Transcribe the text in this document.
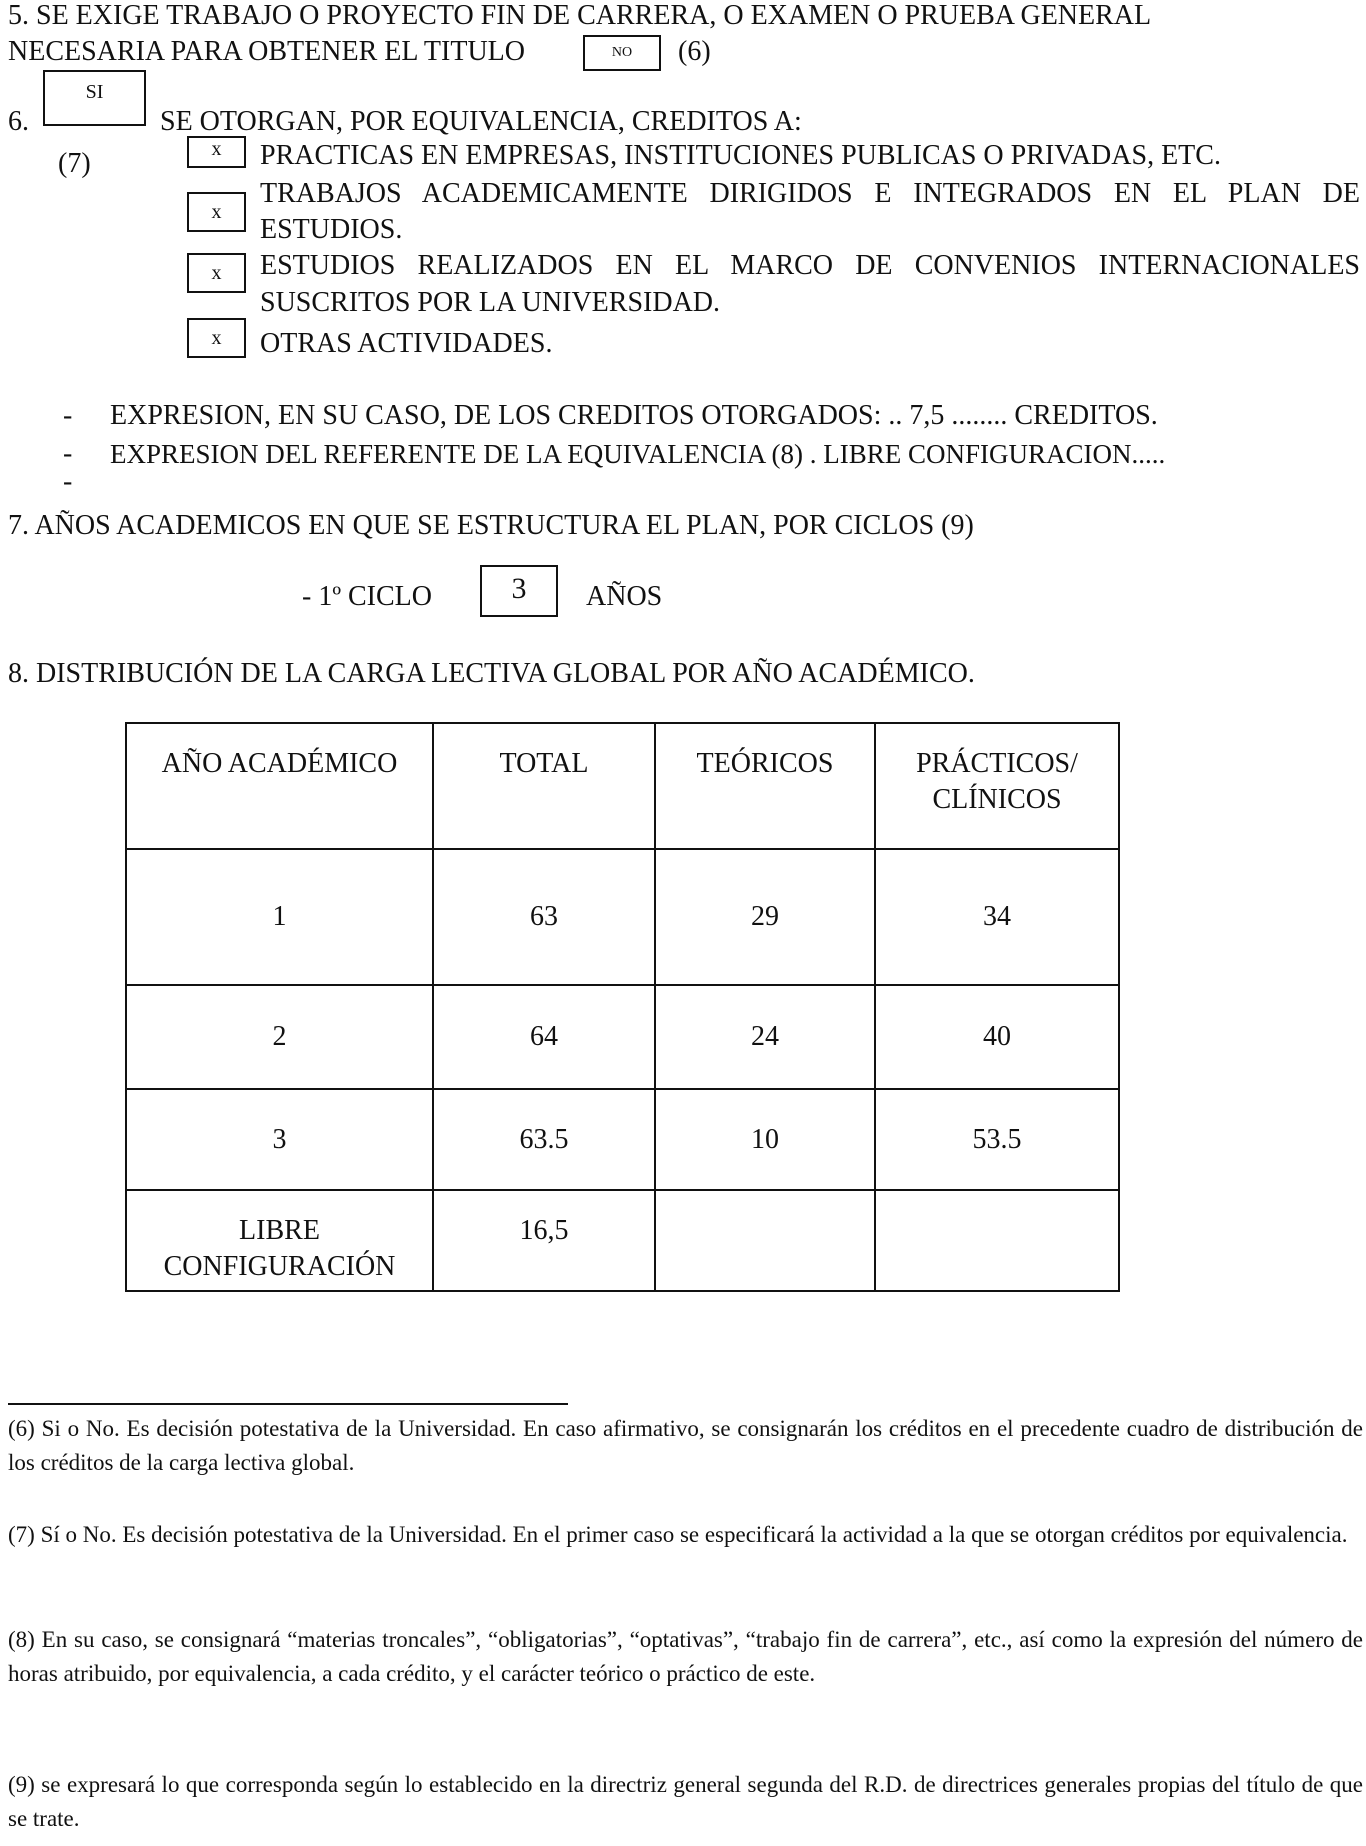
5. SE EXIGE TRABAJO O PROYECTO FIN DE CARRERA, O EXAMEN O PRUEBA GENERAL
NECESARIA PARA OBTENER EL TITULO	NO	(6)
6.
SI
SE OTORGAN, POR EQUIVALENCIA, CREDITOS A:
(7)	x	PRACTICAS EN EMPRESAS, INSTITUCIONES PUBLICAS O PRIVADAS, ETC.
x
TRABAJOS ACADEMICAMENTE DIRIGIDOS E INTEGRADOS EN EL PLAN DE
ESTUDIOS.
x	ESTUDIOS REALIZADOS EN EL MARCO DE CONVENIOS INTERNACIONALES
SUSCRITOS POR LA UNIVERSIDAD.
x	OTRAS ACTIVIDADES.
- EXPRESION, EN SU CASO, DE LOS CREDITOS OTORGADOS: .. 7,5 ........ CREDITOS.
- EXPRESION DEL REFERENTE DE LA EQUIVALENCIA (8) . LIBRE CONFIGURACION.....
-
7. AÑOS ACADEMICOS EN QUE SE ESTRUCTURA EL PLAN, POR CICLOS (9)
- 1º CICLO	3	AÑOS
8. DISTRIBUCIÓN DE LA CARGA LECTIVA GLOBAL POR AÑO ACADÉMICO.
AÑO ACADÉMICO	TOTAL	TEÓRICOS	PRÁCTICOS/
CLÍNICOS
1	63	29	34
2	64	24	40
3	63.5	10	53.5
LIBRE
CONFIGURACIÓN	16,5		
(6) Si o No. Es decisión potestativa de la Universidad. En caso afirmativo, se consignarán los créditos en el precedente cuadro de distribución de los créditos de la carga lectiva global.
(7) Sí o No. Es decisión potestativa de la Universidad. En el primer caso se especificará la actividad a la que se otorgan créditos por equivalencia.
(8) En su caso, se consignará “materias troncales”, “obligatorias”, “optativas”, “trabajo fin de carrera”, etc., así como la expresión del número de horas atribuido, por equivalencia, a cada crédito, y el carácter teórico o práctico de este.
(9) se expresará lo que corresponda según lo establecido en la directriz general segunda del R.D. de directrices generales propias del título de que se trate.
